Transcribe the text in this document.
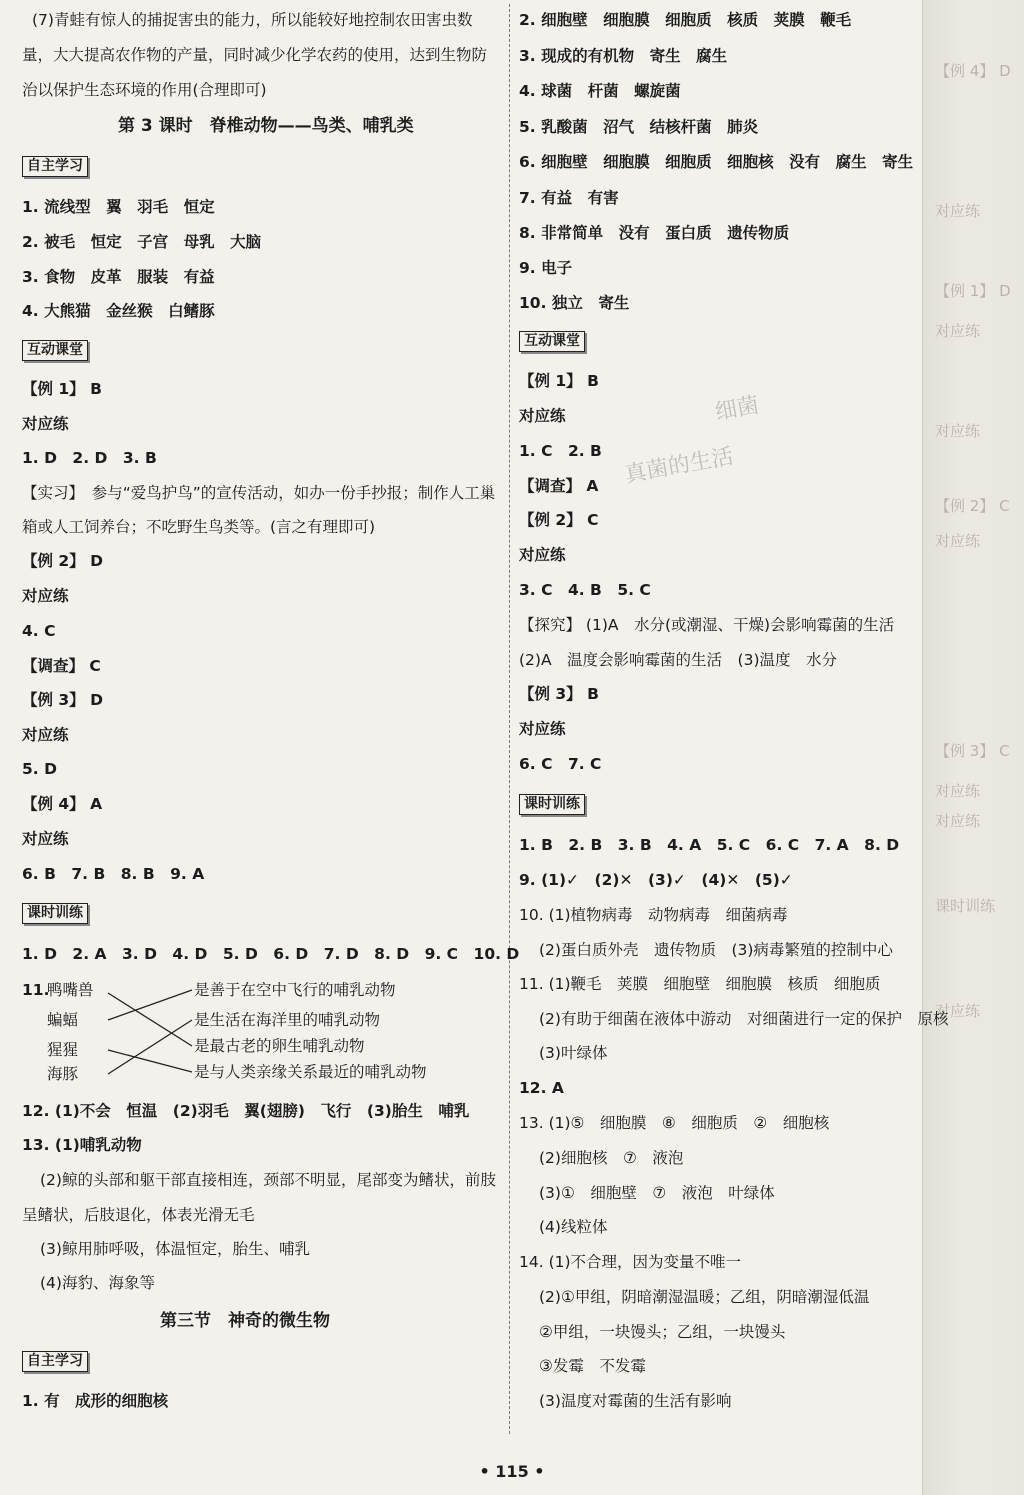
【例 4】 D
对应练
【例 1】 D
对应练
对应练
【例 2】 C
对应练
【例 3】 C
对应练
对应练
课时训练
对应练
(7)青蛙有惊人的捕捉害虫的能力，所以能较好地控制农田害虫数
量，大大提高农作物的产量，同时减少化学农药的使用，达到生物防
治以保护生态环境的作用(合理即可)
第 3 课时　脊椎动物——鸟类、哺乳类
自主学习
1. 流线型　翼　羽毛　恒定
2. 被毛　恒定　子宫　母乳　大脑
3. 食物　皮革　服装　有益
4. 大熊猫　金丝猴　白鳍豚
互动课堂
【例 1】 B
对应练
1. D　2. D　3. B
【实习】　参与“爱鸟护鸟”的宣传活动，如办一份手抄报；制作人工巢
箱或人工饲养台；不吃野生鸟类等。(言之有理即可)
【例 2】 D
对应练
4. C
【调查】 C
【例 3】 D
对应练
5. D
【例 4】 A
对应练
6. B　7. B　8. B　9. A
课时训练
1. D　2. A　3. D　4. D　5. D　6. D　7. D　8. D　9. C　10. D
11.
鸭嘴兽
蝙蝠
猩猩
海豚
是善于在空中飞行的哺乳动物
是生活在海洋里的哺乳动物
是最古老的卵生哺乳动物
是与人类亲缘关系最近的哺乳动物
12. (1)不会　恒温　(2)羽毛　翼(翅膀)　飞行　(3)胎生　哺乳
13. (1)哺乳动物
(2)鲸的头部和躯干部直接相连，颈部不明显，尾部变为鳍状，前肢
呈鳍状，后肢退化，体表光滑无毛
(3)鲸用肺呼吸，体温恒定，胎生、哺乳
(4)海豹、海象等
第三节　神奇的微生物
自主学习
1. 有　成形的细胞核
2. 细胞壁　细胞膜　细胞质　核质　荚膜　鞭毛
3. 现成的有机物　寄生　腐生
4. 球菌　杆菌　螺旋菌
5. 乳酸菌　沼气　结核杆菌　肺炎
6. 细胞壁　细胞膜　细胞质　细胞核　没有　腐生　寄生
7. 有益　有害
8. 非常简单　没有　蛋白质　遗传物质
9. 电子
10. 独立　寄生
互动课堂
【例 1】 B
对应练
1. C　2. B
【调查】 A
【例 2】 C
对应练
3. C　4. B　5. C
【探究】 (1)A　水分(或潮湿、干燥)会影响霉菌的生活
(2)A　温度会影响霉菌的生活　(3)温度　水分
【例 3】 B
对应练
6. C　7. C
课时训练
1. B　2. B　3. B　4. A　5. C　6. C　7. A　8. D
9. (1)✓　(2)✕　(3)✓　(4)✕　(5)✓
10. (1)植物病毒　动物病毒　细菌病毒
(2)蛋白质外壳　遗传物质　(3)病毒繁殖的控制中心
11. (1)鞭毛　荚膜　细胞壁　细胞膜　核质　细胞质
(2)有助于细菌在液体中游动　对细菌进行一定的保护　原核
(3)叶绿体
12. A
13. (1)⑤　细胞膜　⑧　细胞质　②　细胞核
(2)细胞核　⑦　液泡
(3)①　细胞壁　⑦　液泡　叶绿体
(4)线粒体
14. (1)不合理，因为变量不唯一
(2)①甲组，阴暗潮湿温暖；乙组，阴暗潮湿低温
②甲组，一块馒头；乙组，一块馒头
③发霉　不发霉
(3)温度对霉菌的生活有影响
细菌
真菌的生活
• 115 •
